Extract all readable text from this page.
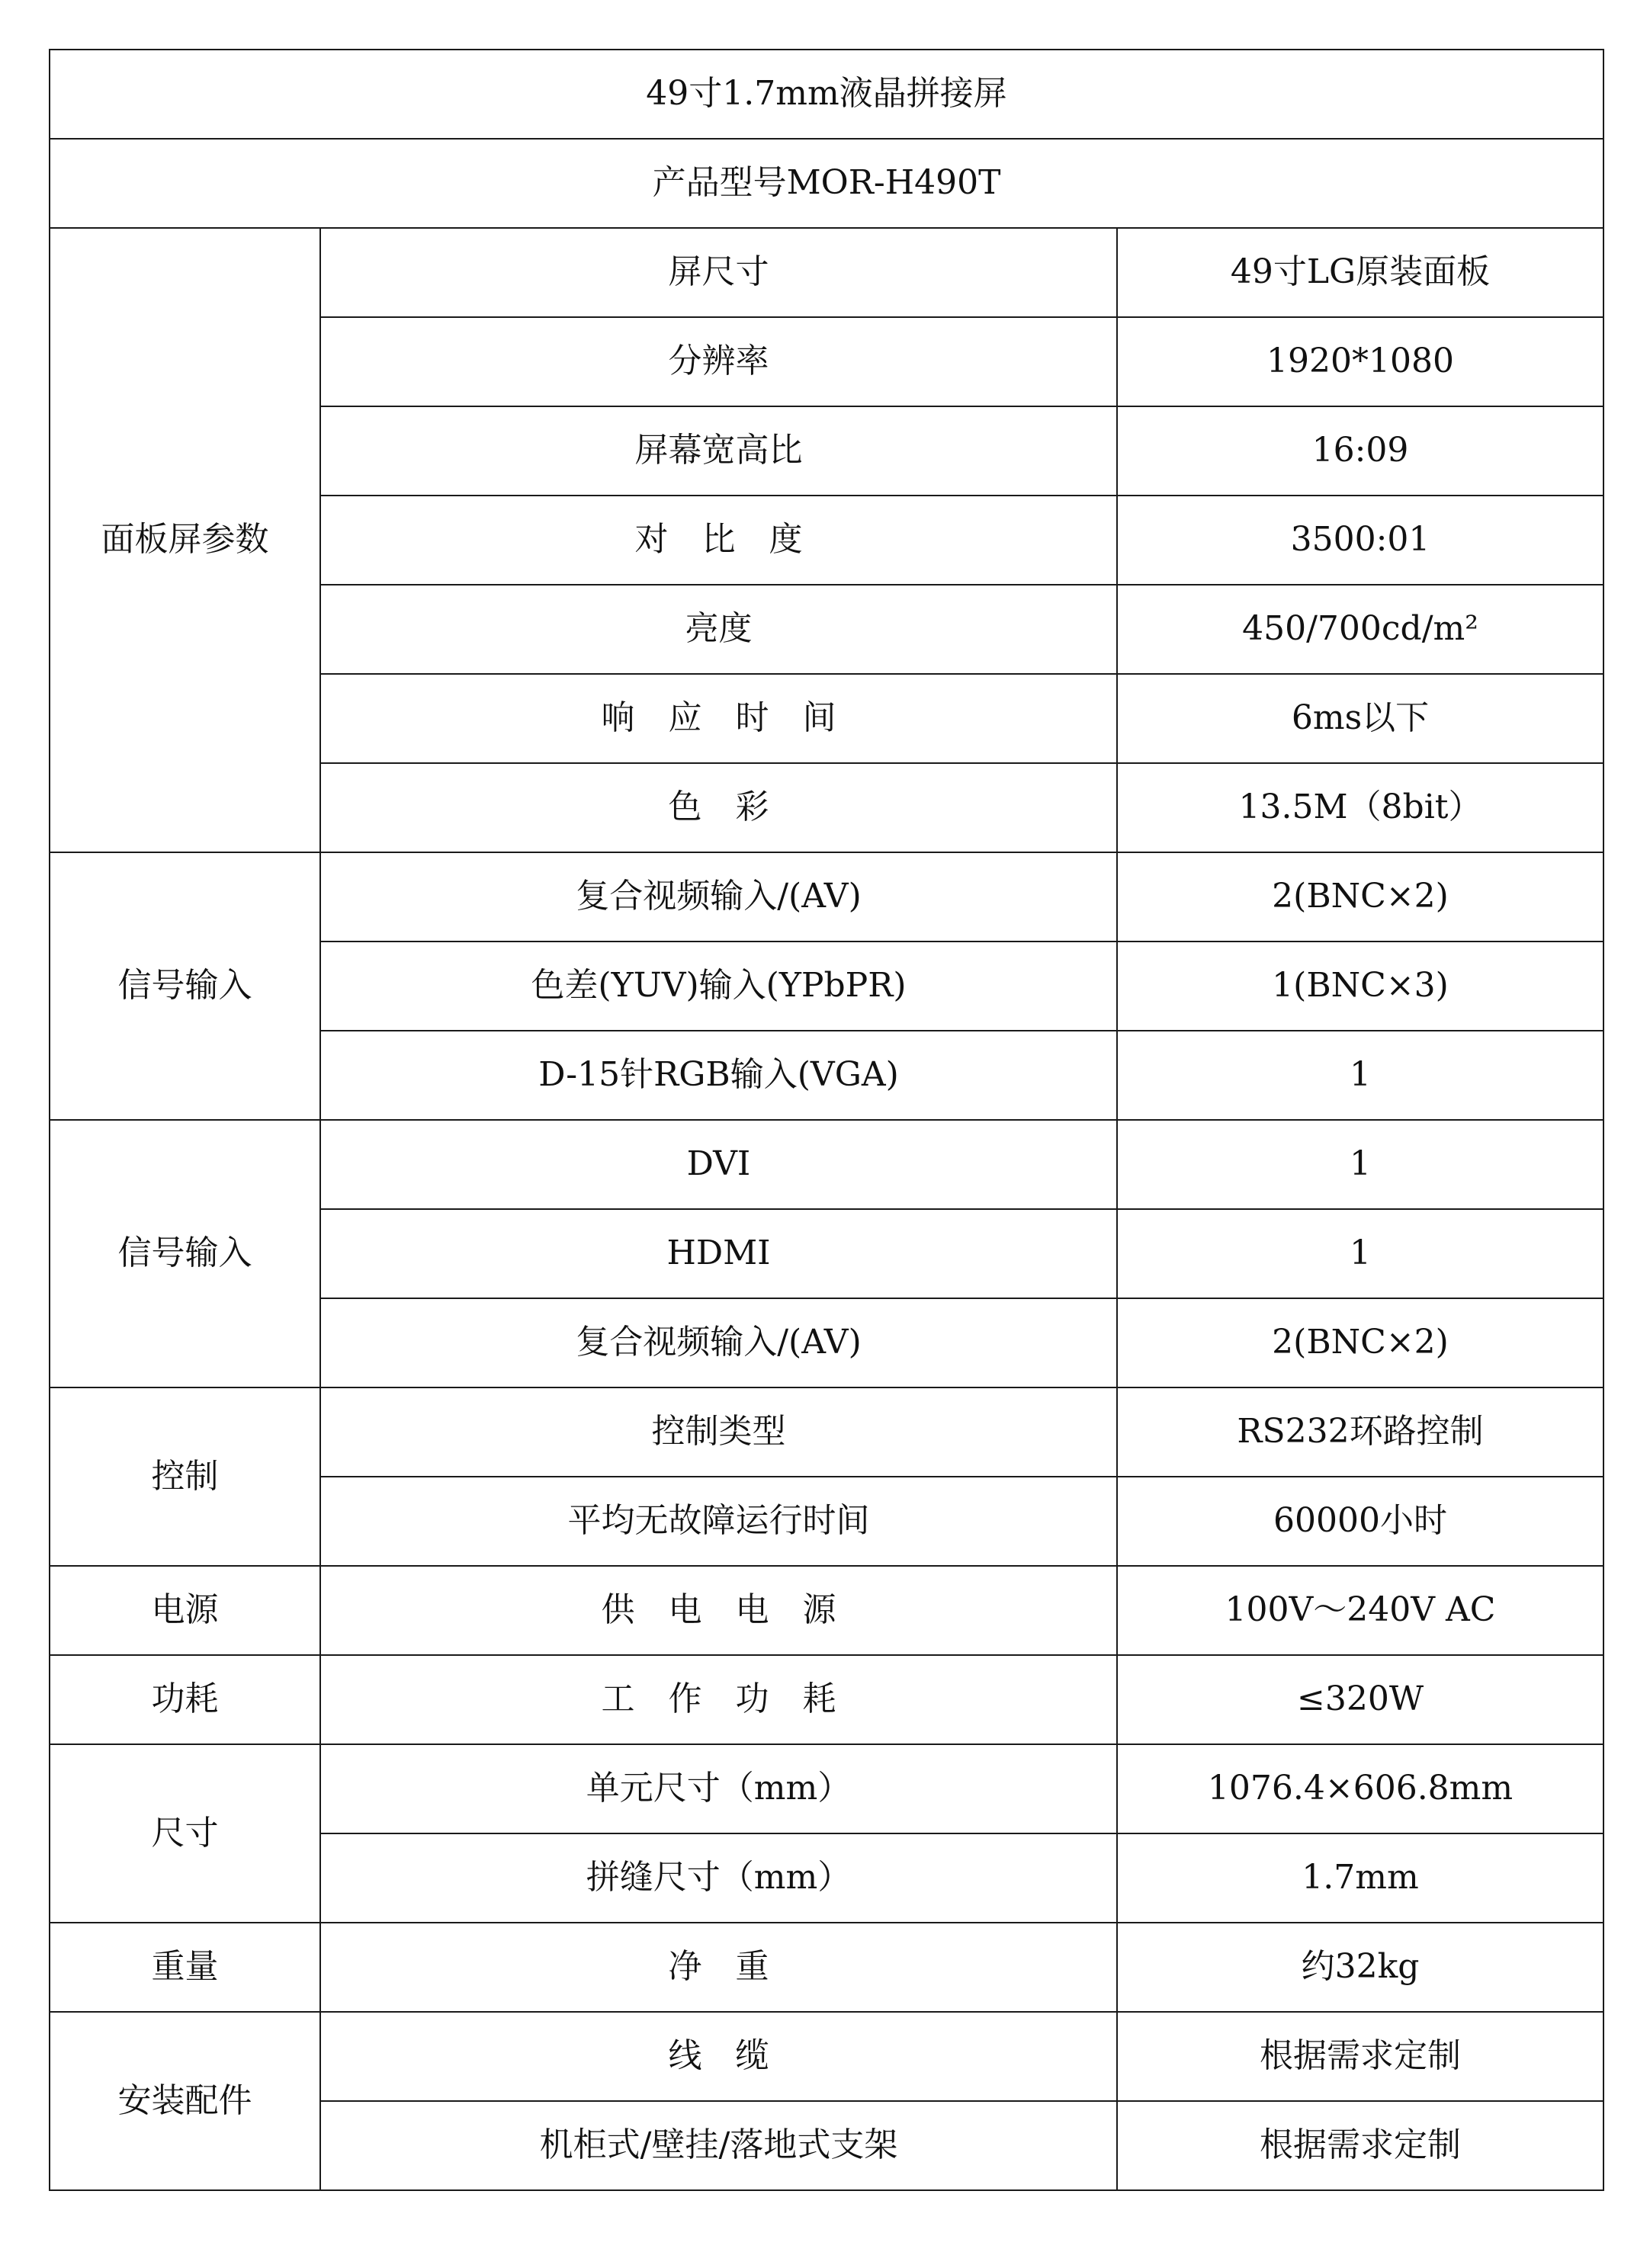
49寸1.7mm液晶拼接屏		
产品型号MOR-H490T		
面板屏参数	屏尺寸	49寸LG原装面板
	分辨率	1920*1080
	屏幕宽高比	16:09
	对　比　度	3500:01
	亮度	450/700cd/m²
	响　应　时　间	6ms以下
	色　彩	13.5M（8bit）
信号输入	复合视频输入/(AV)	2(BNC×2)
	色差(YUV)输入(YPbPR)	1(BNC×3)
	D-15针RGB输入(VGA)	1
信号输入	DVI	1
	HDMI	1
	复合视频输入/(AV)	2(BNC×2)
控制	控制类型	RS232环路控制
	平均无故障运行时间	60000小时
电源	供　电　电　源	100V～240V AC
功耗	工　作　功　耗	≤320W
尺寸	单元尺寸（mm）	1076.4×606.8mm
	拼缝尺寸（mm）	1.7mm
重量	净　重	约32kg
安装配件	线　缆	根据需求定制
	机柜式/壁挂/落地式支架	根据需求定制
